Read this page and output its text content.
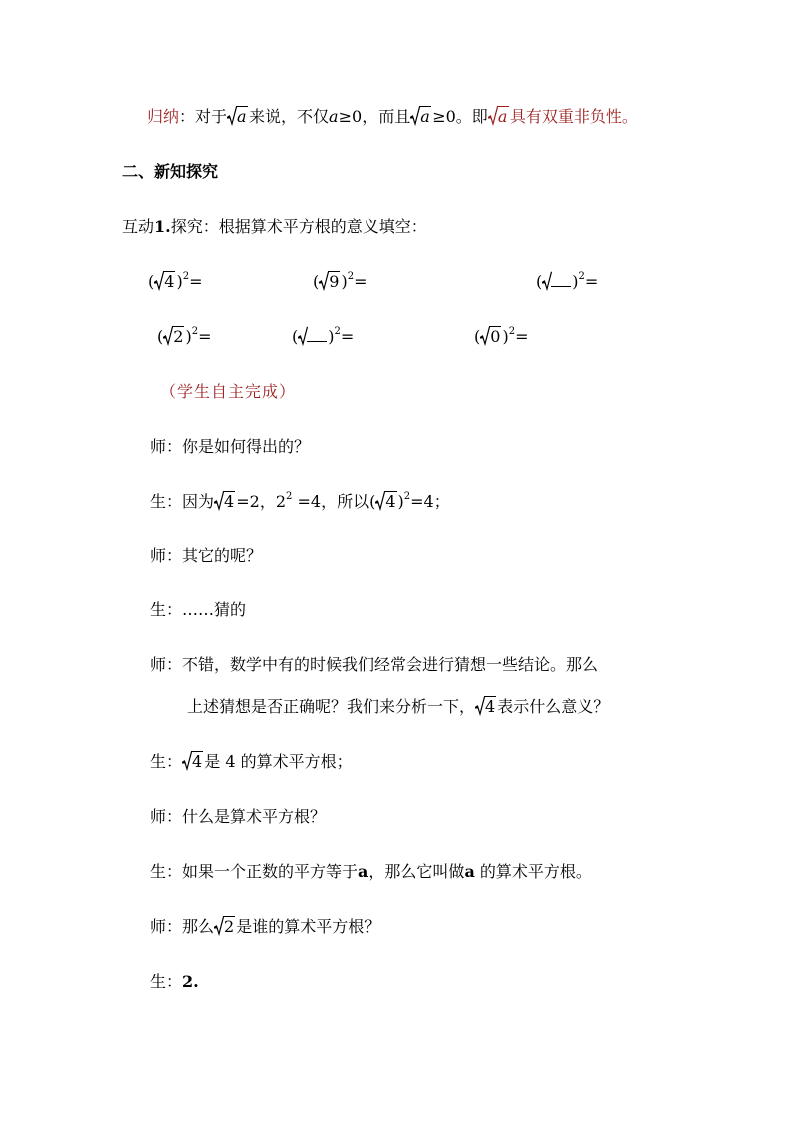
归纳：对于 a 来说，不仅a≥0，而且 a ≥0。即 a 具有双重非负性。
二、新知探究
互动1.探究：根据算术平方根的意义填空：
( 4 )$^2$=	( 9 )$^2$=	( )$^2$=
( 2 )$^2$=	( )$^2$=	( 0 )$^2$=
（学生自主完成）
师：你是如何得出的？
生：因为 4 =2，$2^2 =4$，所以( 4 )$^2$=4；
师：其它的呢？
生：……猜的
师：不错，数学中有的时候我们经常会进行猜想一些结论。那么
上述猜想是否正确呢？我们来分析一下， 4 表示什么意义？
生： 4 是 4 的算术平方根；
师：什么是算术平方根？
生：如果一个正数的平方等于a，那么它叫做a 的算术平方根。
师：那么 2 是谁的算术平方根？
生：2.
